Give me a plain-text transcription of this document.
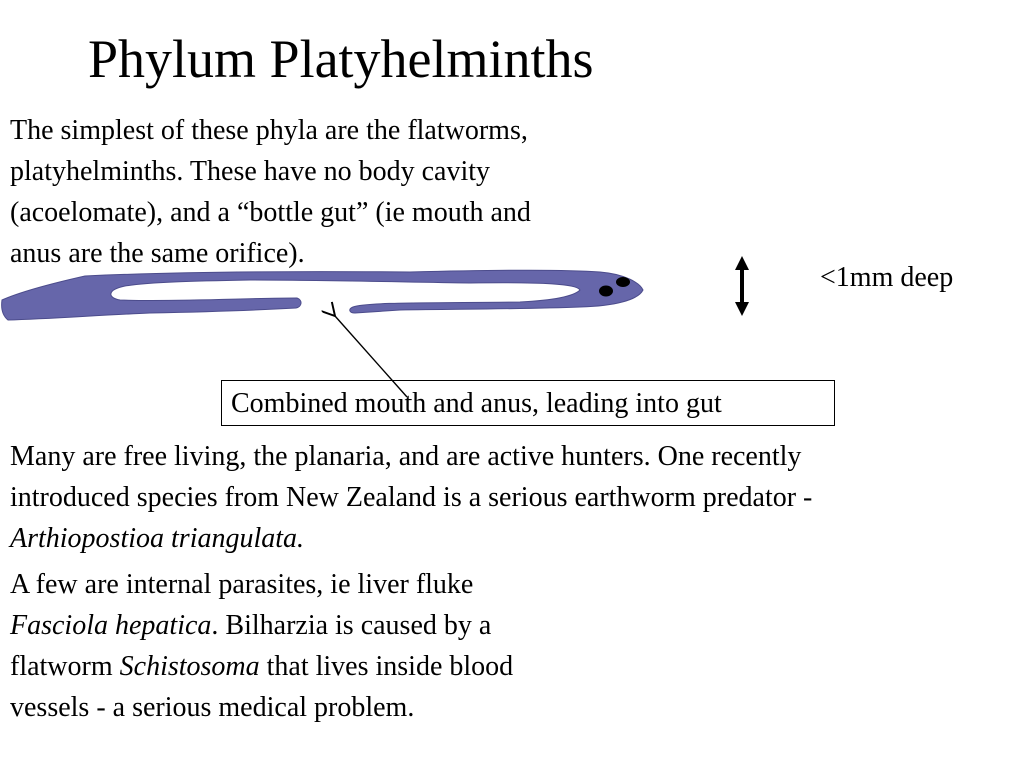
Phylum Platyhelminths

The simplest of these phyla are the flatworms,
platyhelminths. These have no body cavity
(acoelomate), and a “bottle gut” (ie mouth and
anus are the same orifice).

<1mm deep
Combined mouth and anus, leading into gut

Many are free living, the planaria, and are active hunters. One recently
introduced species from New Zealand is a serious earthworm predator -
Arthiopostioa triangulata.

A few are internal parasites, ie liver fluke
Fasciola hepatica. Bilharzia is caused by a
flatworm Schistosoma that lives inside blood
vessels - a serious medical problem.
